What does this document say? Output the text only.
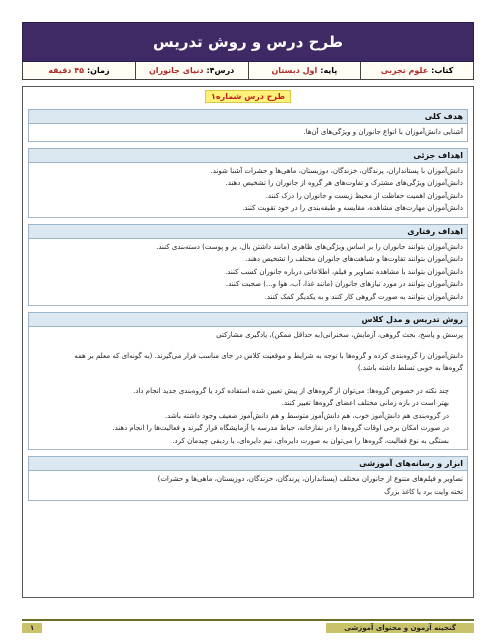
طرح درس و روش تدریس
کتاب:
علوم تجربی
پایه:
اول دبستان
درس۴:
دنیای جانوران
زمان:
۴۵ دقیقه
طرح درس شماره۱
هدف کلی
آشنایی دانش‌آموزان با انواع جانوران و ویژگی‌های آن‌ها.
اهداف جزئی
دانش‌آموزان با پستانداران، پرندگان، خزندگان، دوزیستان، ماهی‌ها و حشرات آشنا شوند.
دانش‌آموزان ویژگی‌های مشترک و تفاوت‌های هر گروه از جانوران را تشخیص دهند.
دانش‌آموزان اهمیت حفاظت از محیط زیست و جانوران را درک کنند.
دانش‌آموزان مهارت‌های مشاهده، مقایسه و طبقه‌بندی را در خود تقویت کنند.
اهداف رفتاری
دانش‌آموزان بتوانند جانوران را بر اساس ویژگی‌های ظاهری (مانند داشتن بال، پر و پوست) دسته‌بندی کنند.
دانش‌آموزان بتوانند تفاوت‌ها و شباهت‌های جانوران مختلف را تشخیص دهند.
دانش‌آموزان بتوانند با مشاهده تصاویر و فیلم، اطلاعاتی درباره جانوران کسب کنند.
دانش‌آموزان بتوانند در مورد نیازهای جانوران (مانند غذا، آب، هوا و...) صحبت کنند.
دانش‌آموزان بتوانند به صورت گروهی کار کنند و به یکدیگر کمک کنند.
روش تدریس و مدل کلاس
پرسش و پاسخ، بحث گروهی، آزمایش، سخنرانی(به حداقل ممکن)، یادگیری مشارکتی
دانش‌آموزان را گروه‌بندی کرده و گروه‌ها با توجه به شرایط و موقعیت کلاس در جای مناسب قرار می‌گیرند. (به گونه‌ای که معلم بر همه
گروه‌ها به خوبی تسلط داشته باشد.)
• چند نکته در خصوص گروه‌ها: می‌توان از گروه‌های از پیش تعیین شده استفاده کرد یا گروه‌بندی جدید انجام داد.
• بهتر است در بازه زمانی مختلف اعضای گروه‌ها تغییر کنند.
• در گروه‌بندی هم دانش‌آموز خوب، هم دانش‌آموز متوسط و هم دانش‌آموز ضعیف وجود داشته باشد.
• در صورت امکان برخی اوقات گروه‌ها را در نمازخانه، حیاط مدرسه یا آزمایشگاه قرار گیرند و فعالیت‌ها را انجام دهند.
• بستگی به نوع فعالیت، گروه‌ها را می‌توان به صورت دایره‌ای، نیم دایره‌ای، یا ردیفی چیدمان کرد.
ابزار و رسانه‌های آموزشی
تصاویر و فیلم‌های متنوع از جانوران مختلف (پستانداران، پرندگان، خزندگان، دوزیستان، ماهی‌ها و حشرات)
تخته وایت برد یا کاغذ بزرگ
گنجینه آزمون و محتوای آموزشی
۱
